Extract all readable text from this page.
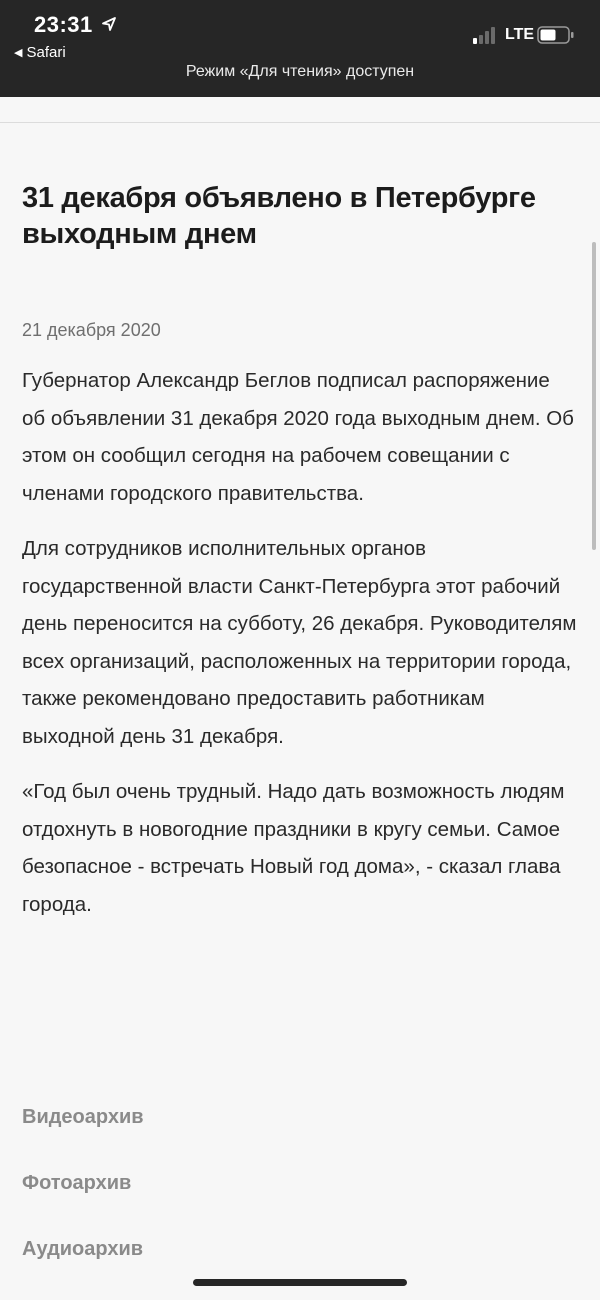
23:31
◀ Safari
LTE
Режим «Для чтения» доступен
31 декабря объявлено в Петербурге выходным днем
21 декабря 2020

Губернатор Александр Беглов подписал распоряжение об объявлении 31 декабря 2020 года выходным днем. Об этом он сообщил сегодня на рабочем совещании с членами городского правительства.

Для сотрудников исполнительных органов государственной власти Санкт-Петербурга этот рабочий день переносится на субботу, 26 декабря. Руководителям всех организаций, расположенных на территории города, также рекомендовано предоставить работникам выходной день 31 декабря.

«Год был очень трудный. Надо дать возможность людям отдохнуть в новогодние праздники в кругу семьи. Самое безопасное - встречать Новый год дома», - сказал глава города.

Видеоархив
Фотоархив
Аудиоархив
